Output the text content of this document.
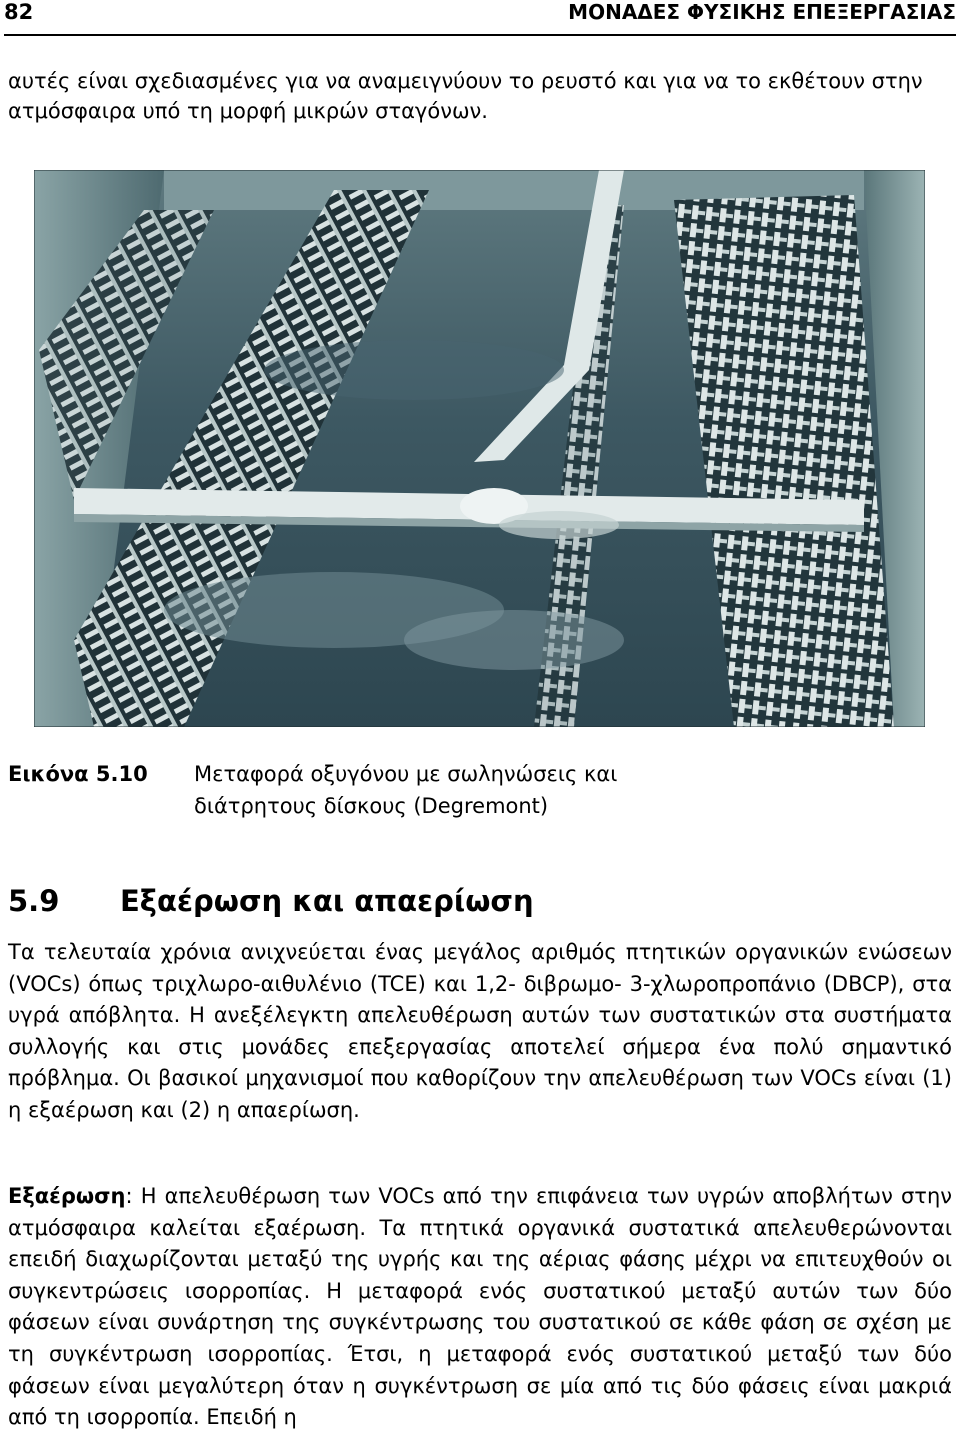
82	ΜΟΝΑΔΕΣ ΦΥΣΙΚΗΣ ΕΠΕΞΕΡΓΑΣΙΑΣ

αυτές είναι σχεδιασμένες για να αναμειγνύουν το ρευστό και για να το εκθέτουν στην ατμόσφαιρα υπό τη μορφή μικρών σταγόνων.

Εικόνα 5.10 Μεταφορά οξυγόνου με σωληνώσεις και διάτρητους δίσκους (Degremont)
5.9 Εξαέρωση και απαερίωση

Τα τελευταία χρόνια ανιχνεύεται ένας μεγάλος αριθμός πτητικών οργανικών ενώσεων (VOCs) όπως τριχλωρο-αιθυλένιο (TCE) και 1,2- διβρωμο- 3-χλωροπροπάνιο (DBCP), στα υγρά απόβλητα. Η ανεξέλεγκτη απελευθέρωση αυτών των συστατικών στα συστήματα συλλογής και στις μονάδες επεξεργασίας αποτελεί σήμερα ένα πολύ σημαντικό πρόβλημα. Οι βασικοί μηχανισμοί που καθορίζουν την απελευθέρωση των VOCs είναι (1) η εξαέρωση και (2) η απαερίωση.

Εξαέρωση: Η απελευθέρωση των VOCs από την επιφάνεια των υγρών αποβλήτων στην ατμόσφαιρα καλείται εξαέρωση. Τα πτητικά οργανικά συστατικά απελευθερώνονται επειδή διαχωρίζονται μεταξύ της υγρής και της αέριας φάσης μέχρι να επιτευχθούν οι συγκεντρώσεις ισορροπίας. Η μεταφορά ενός συστατικού μεταξύ αυτών των δύο φάσεων είναι συνάρτηση της συγκέντρωσης του συστατικού σε κάθε φάση σε σχέση με τη συγκέντρωση ισορροπίας. Έτσι, η μεταφορά ενός συστατικού μεταξύ των δύο φάσεων είναι μεγαλύτερη όταν η συγκέντρωση σε μία από τις δύο φάσεις είναι μακριά από τη ισορροπία. Επειδή η
